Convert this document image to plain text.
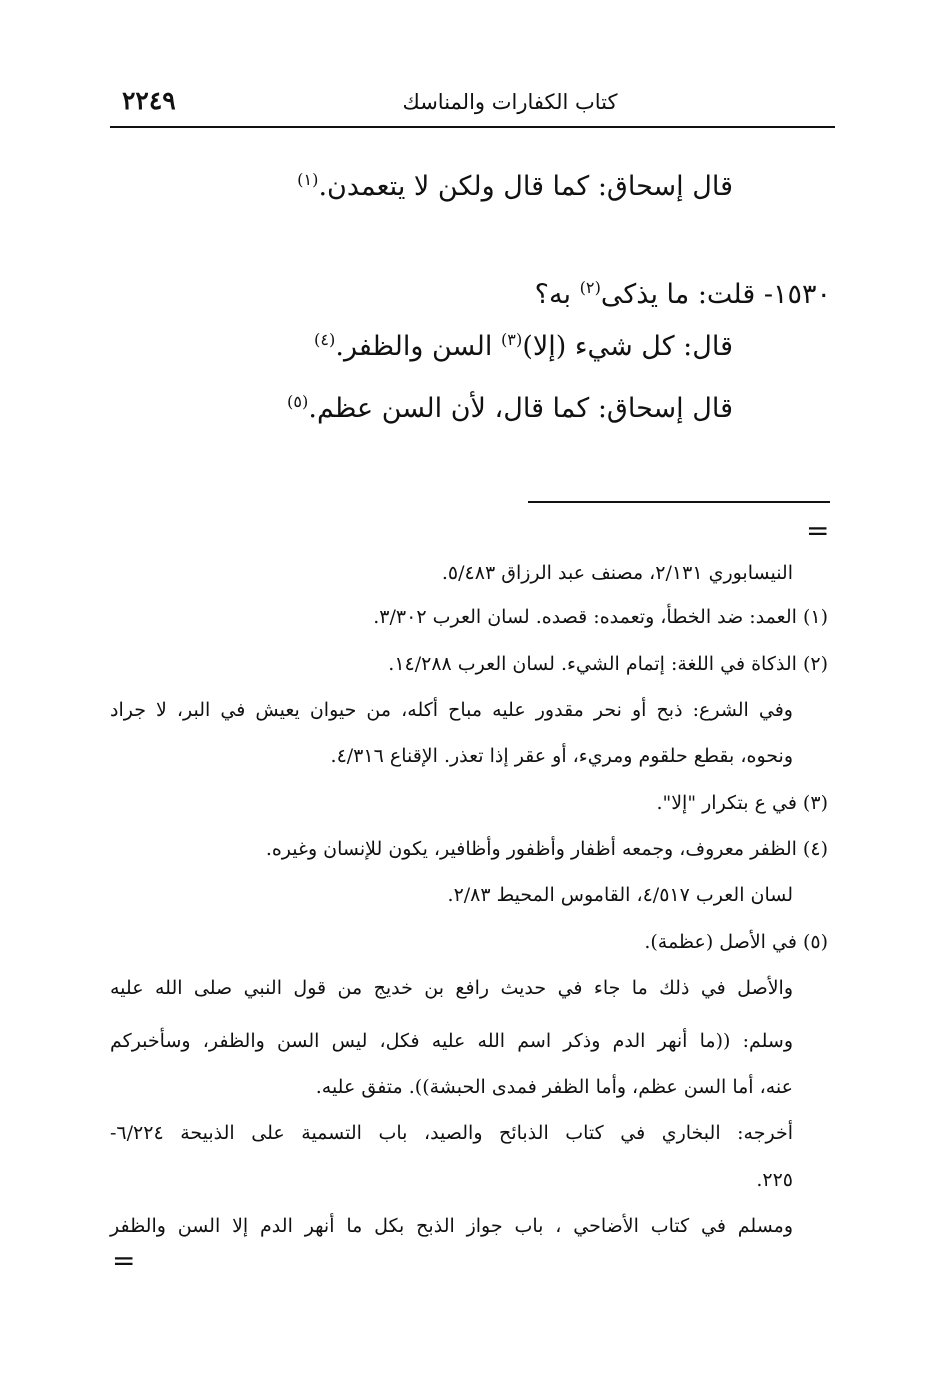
٢٢٤٩	كتاب الكفارات والمناسك
قال إسحاق: كما قال ولكن لا يتعمدن.$^{(١)}$
١٥٣٠- قلت: ما يذكى$^{(٢)}$ به؟
قال: كل شيء (إلا)$^{(٣)}$ السن والظفر.$^{(٤)}$
قال إسحاق: كما قال، لأن السن عظم.$^{(٥)}$
=
النيسابوري ٢/١٣١، مصنف عبد الرزاق ٥/٤٨٣.
(١) العمد: ضد الخطأ، وتعمده: قصده. لسان العرب ٣/٣٠٢.
(٢) الذكاة في اللغة: إتمام الشيء. لسان العرب ١٤/٢٨٨.
وفي الشرع: ذبح أو نحر مقدور عليه مباح أكله، من حيوان يعيش في البر، لا جراد
ونحوه، بقطع حلقوم ومريء، أو عقر إذا تعذر. الإقناع ٤/٣١٦.
(٣) في ع بتكرار "إلا".
(٤) الظفر معروف، وجمعه أظفار وأظفور وأظافير، يكون للإنسان وغيره.
لسان العرب ٤/٥١٧، القاموس المحيط ٢/٨٣.
(٥) في الأصل (عظمة).
والأصل في ذلك ما جاء في حديث رافع بن خديج من قول النبي صلى الله عليه
وسلم: ((ما أنهر الدم وذكر اسم الله عليه فكل، ليس السن والظفر، وسأخبركم
عنه، أما السن عظم، وأما الظفر فمدى الحبشة)). متفق عليه.
أخرجه: البخاري في كتاب الذبائح والصيد، باب التسمية على الذبيحة ٦/٢٢٤-
٢٢٥.
ومسلم في كتاب الأضاحي ، باب جواز الذبح بكل ما أنهر الدم إلا السن والظفر
=
